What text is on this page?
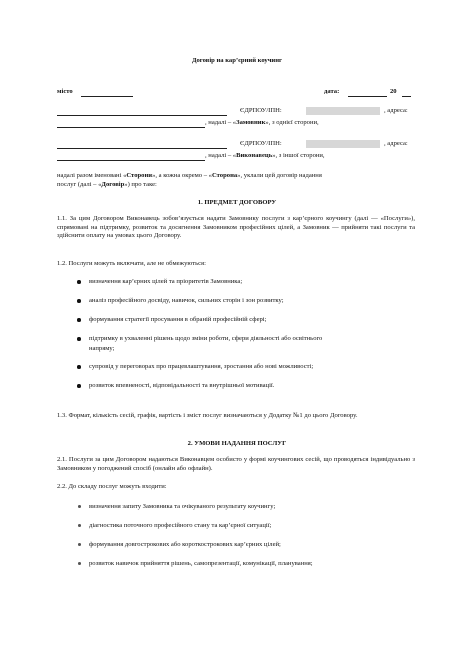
Договір на кар’єрний коучинг
місто	дата:	20
ЄДРПОУ/ІПН:	, адреса:
, надалі – «Замовник», з однієї сторони,
ЄДРПОУ/ІПН:	, адреса:
, надалі – «Виконавець», з іншої сторони,
надалі разом іменовані «Сторони», а кожна окремо – «Сторона», уклали цей договір надання
послуг (далі – «Договір») про таке:
1. ПРЕДМЕТ ДОГОВОРУ
1.1. За цим Договором Виконавець зобов’язується надати Замовнику послуги з кар’єрного коучингу (далі — «Послуги»), спрямовані на підтримку, розвиток та досягнення Замовником професійних цілей, а Замовник — прийняти такі послуги та здійснити оплату на умовах цього Договору.
1.2. Послуги можуть включати, але не обмежуються:
визначення кар’єрних цілей та пріоритетів Замовника;
аналіз професійного досвіду, навичок, сильних сторін і зон розвитку;
формування стратегії просування в обраній професійній сфері;
підтримку в ухваленні рішень щодо зміни роботи, сфери діяльності або освітнього
напряму;
супровід у переговорах про працевлаштування, зростання або нові можливості;
розвиток впевненості, відповідальності та внутрішньої мотивації.
1.3. Формат, кількість сесій, графік, вартість і зміст послуг визначаються у Додатку №1 до цього Договору.
2. УМОВИ НАДАННЯ ПОСЛУГ
2.1. Послуги за цим Договором надаються Виконавцем особисто у формі коучингових сесій, що проводяться індивідуально з Замовником у погоджений спосіб (онлайн або офлайн).
2.2. До складу послуг можуть входити:
визначення запиту Замовника та очікуваного результату коучингу;
діагностика поточного професійного стану та кар’єрної ситуації;
формування довгострокових або короткострокових кар’єрних цілей;
розвиток навичок прийняття рішень, самопрезентації, комунікації, планування;
